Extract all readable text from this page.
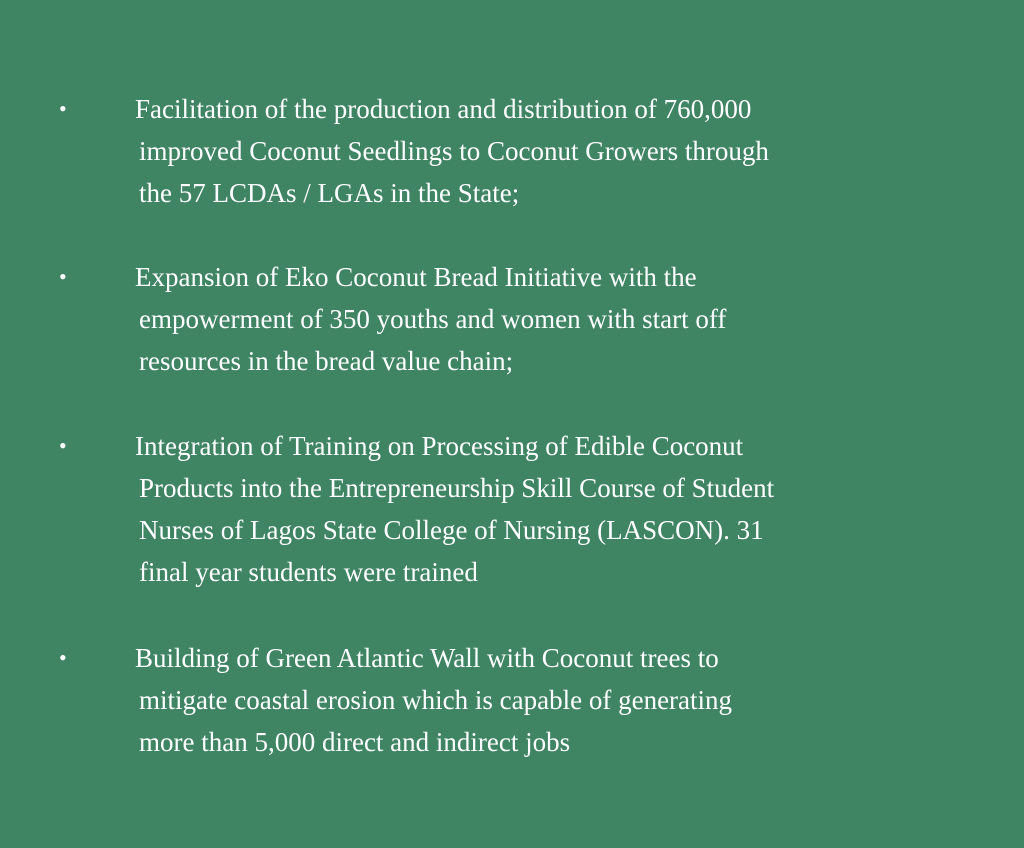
•	Facilitation of the production and distribution of 760,000
improved Coconut Seedlings to Coconut Growers through
the 57 LCDAs / LGAs in the State;
•	Expansion of Eko Coconut Bread Initiative with the
empowerment of 350 youths and women with start off
resources in the bread value chain;
•	Integration of Training on Processing of Edible Coconut
Products into the Entrepreneurship Skill Course of Student
Nurses of Lagos State College of Nursing (LASCON). 31
final year students were trained
•	Building of Green Atlantic Wall with Coconut trees to
mitigate coastal erosion which is capable of generating
more than 5,000 direct and indirect jobs
